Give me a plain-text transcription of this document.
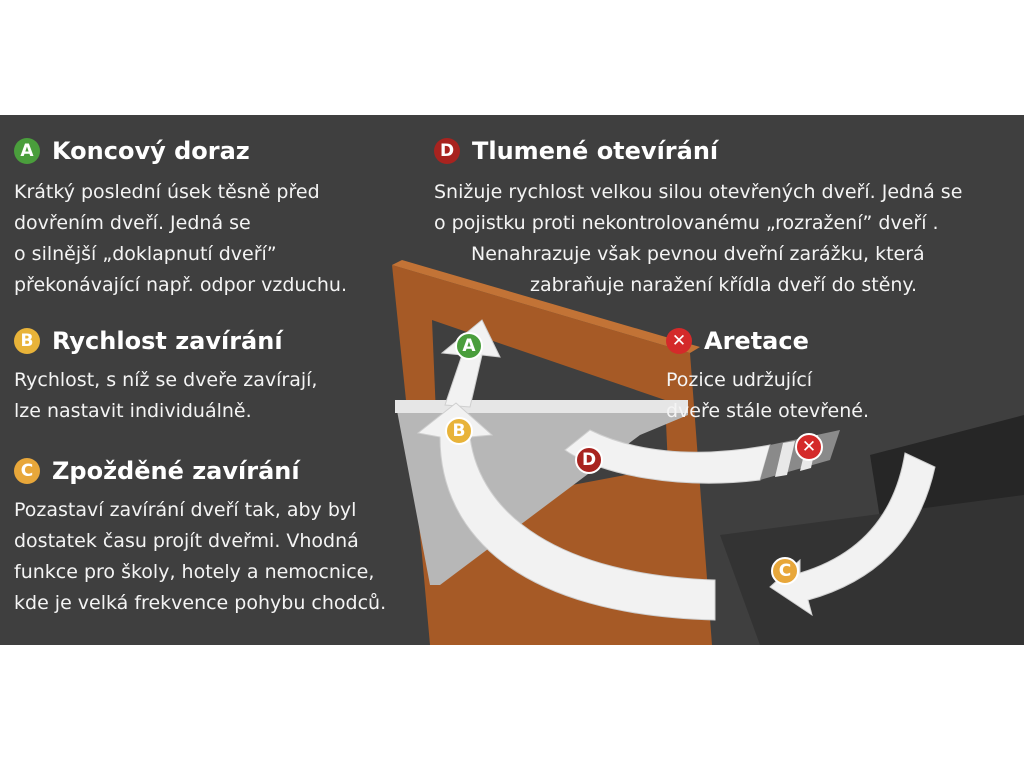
A
B
C
D
✕
A Koncový doraz
Krátký poslední úsek těsně před
dovřením dveří. Jedná se
o silnější „doklapnutí dveří”
překonávající např. odpor vzduchu.
B Rychlost zavírání
Rychlost, s níž se dveře zavírají,
lze nastavit individuálně.
C Zpožděné zavírání
Pozastaví zavírání dveří tak, aby byl
dostatek času projít dveřmi. Vhodná
funkce pro školy, hotely a nemocnice,
kde je velká frekvence pohybu chodců.
D Tlumené otevírání
Snižuje rychlost velkou silou otevřených dveří. Jedná se
o pojistku proti nekontrolovanému „rozražení” dveří .
Nenahrazuje však pevnou dveřní zarážku, která
zabraňuje naražení křídla dveří do stěny.
✕ Aretace
Pozice udržující
dveře stále otevřené.
